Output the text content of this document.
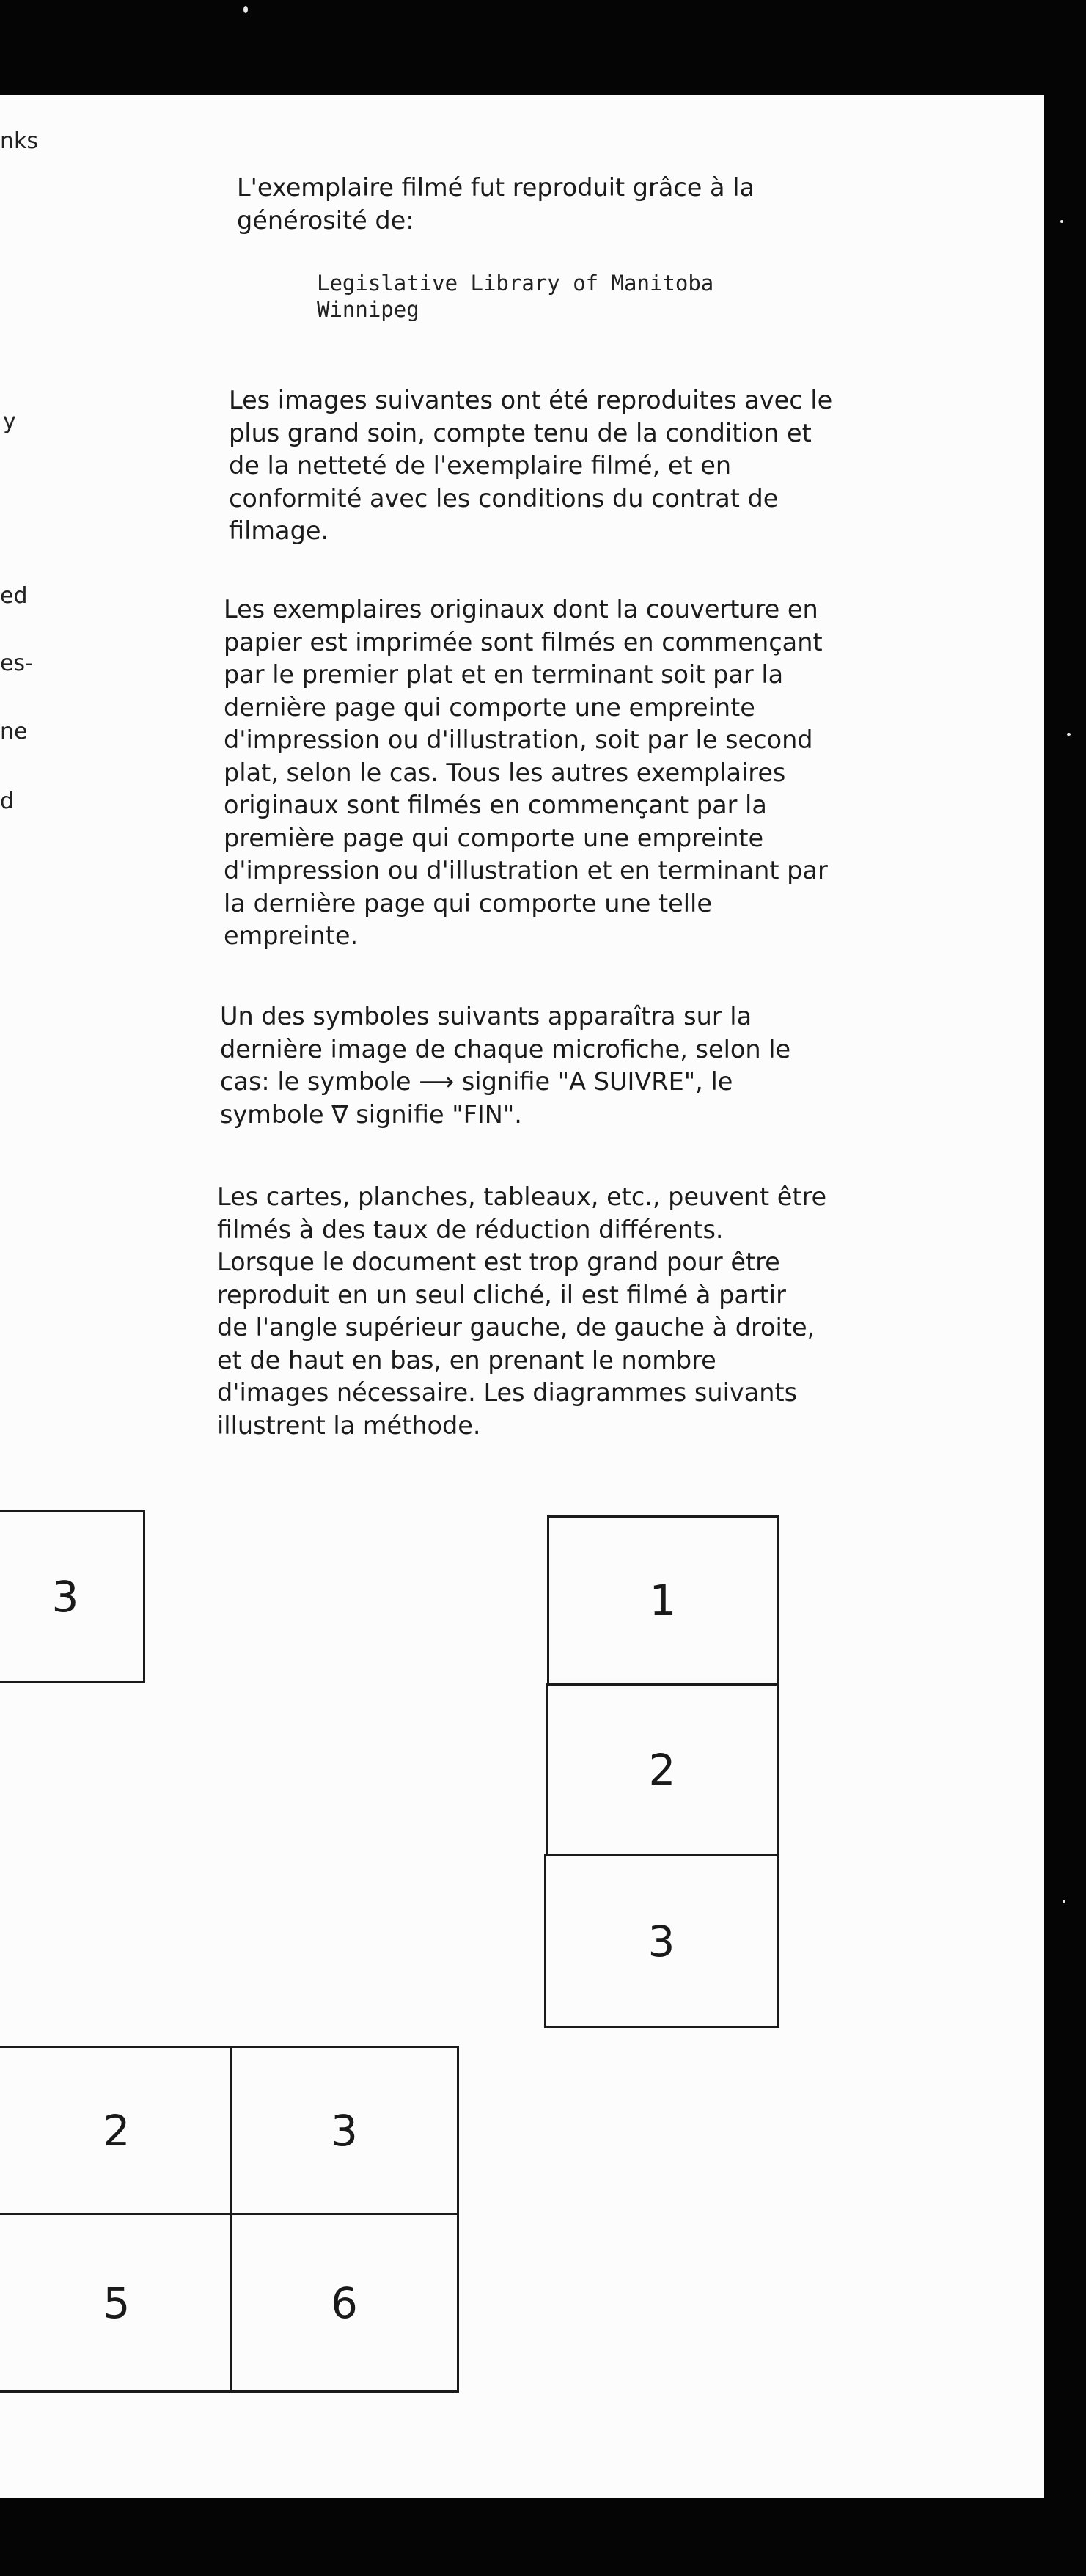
nks
y
ed
es-
ne
d
L'exemplaire filmé fut reproduit grâce à la
générosité de:
Legislative Library of Manitoba
Winnipeg
Les images suivantes ont été reproduites avec le
plus grand soin, compte tenu de la condition et
de la netteté de l'exemplaire filmé, et en
conformité avec les conditions du contrat de
filmage.
Les exemplaires originaux dont la couverture en
papier est imprimée sont filmés en commençant
par le premier plat et en terminant soit par la
dernière page qui comporte une empreinte
d'impression ou d'illustration, soit par le second
plat, selon le cas. Tous les autres exemplaires
originaux sont filmés en commençant par la
première page qui comporte une empreinte
d'impression ou d'illustration et en terminant par
la dernière page qui comporte une telle
empreinte.
Un des symboles suivants apparaîtra sur la
dernière image de chaque microfiche, selon le
cas: le symbole ⟶ signifie "A SUIVRE", le
symbole ∇ signifie "FIN".
Les cartes, planches, tableaux, etc., peuvent être
filmés à des taux de réduction différents.
Lorsque le document est trop grand pour être
reproduit en un seul cliché, il est filmé à partir
de l'angle supérieur gauche, de gauche à droite,
et de haut en bas, en prenant le nombre
d'images nécessaire. Les diagrammes suivants
illustrent la méthode.
3	1
2
3
2	3
5	6
